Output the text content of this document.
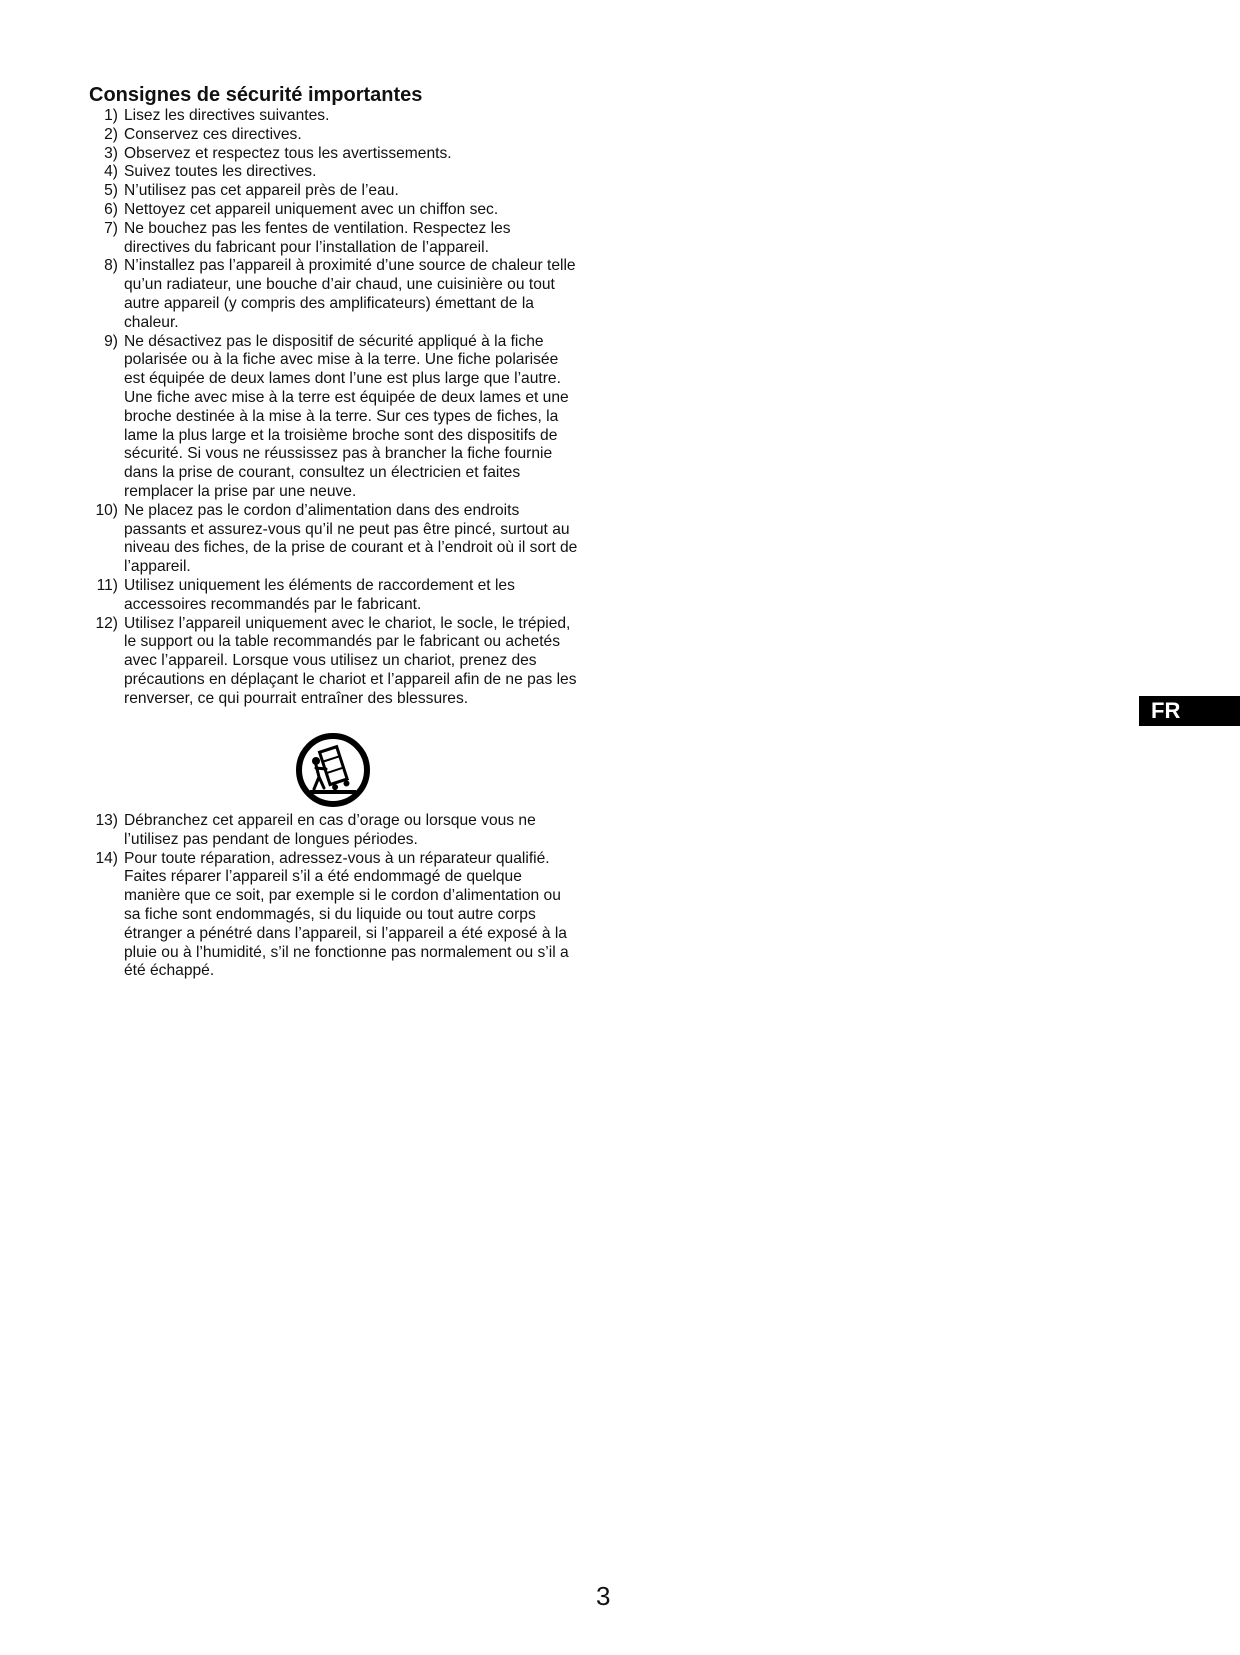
Consignes de sécurité importantes
1) Lisez les directives suivantes.
2) Conservez ces directives.
3) Observez et respectez tous les avertissements.
4) Suivez toutes les directives.
5) N’utilisez pas cet appareil près de l’eau.
6) Nettoyez cet appareil uniquement avec un chiffon sec.
7) Ne bouchez pas les fentes de ventilation. Respectez les directives du fabricant pour l’installation de l’appareil.
8) N’installez pas l’appareil à proximité d’une source de chaleur telle qu’un radiateur, une bouche d’air chaud, une cuisinière ou tout autre appareil (y compris des amplificateurs) émettant de la chaleur.
9) Ne désactivez pas le dispositif de sécurité appliqué à la fiche polarisée ou à la fiche avec mise à la terre. Une fiche polarisée est équipée de deux lames dont l’une est plus large que l’autre. Une fiche avec mise à la terre est équipée de deux lames et une broche destinée à la mise à la terre. Sur ces types de fiches, la lame la plus large et la troisième broche sont des dispositifs de sécurité. Si vous ne réussissez pas à brancher la fiche fournie dans la prise de courant, consultez un électricien et faites remplacer la prise par une neuve.
10) Ne placez pas le cordon d’alimentation dans des endroits passants et assurez-vous qu’il ne peut pas être pincé, surtout au niveau des fiches, de la prise de courant et à l’endroit où il sort de l’appareil.
11) Utilisez uniquement les éléments de raccordement et les accessoires recommandés par le fabricant.
12) Utilisez l’appareil uniquement avec le chariot, le socle, le trépied, le support ou la table recommandés par le fabricant ou achetés avec l’appareil. Lorsque vous utilisez un chariot, prenez des précautions en déplaçant le chariot et l’appareil afin de ne pas les renverser, ce qui pourrait entraîner des blessures.
13) Débranchez cet appareil en cas d’orage ou lorsque vous ne l’utilisez pas pendant de longues périodes.
14) Pour toute réparation, adressez-vous à un réparateur qualifié. Faites réparer l’appareil s’il a été endommagé de quelque manière que ce soit, par exemple si le cordon d’alimentation ou sa fiche sont endommagés, si du liquide ou tout autre corps étranger a pénétré dans l’appareil, si l’appareil a été exposé à la pluie ou à l’humidité, s’il ne fonctionne pas normalement ou s’il a été échappé.
FR
3
